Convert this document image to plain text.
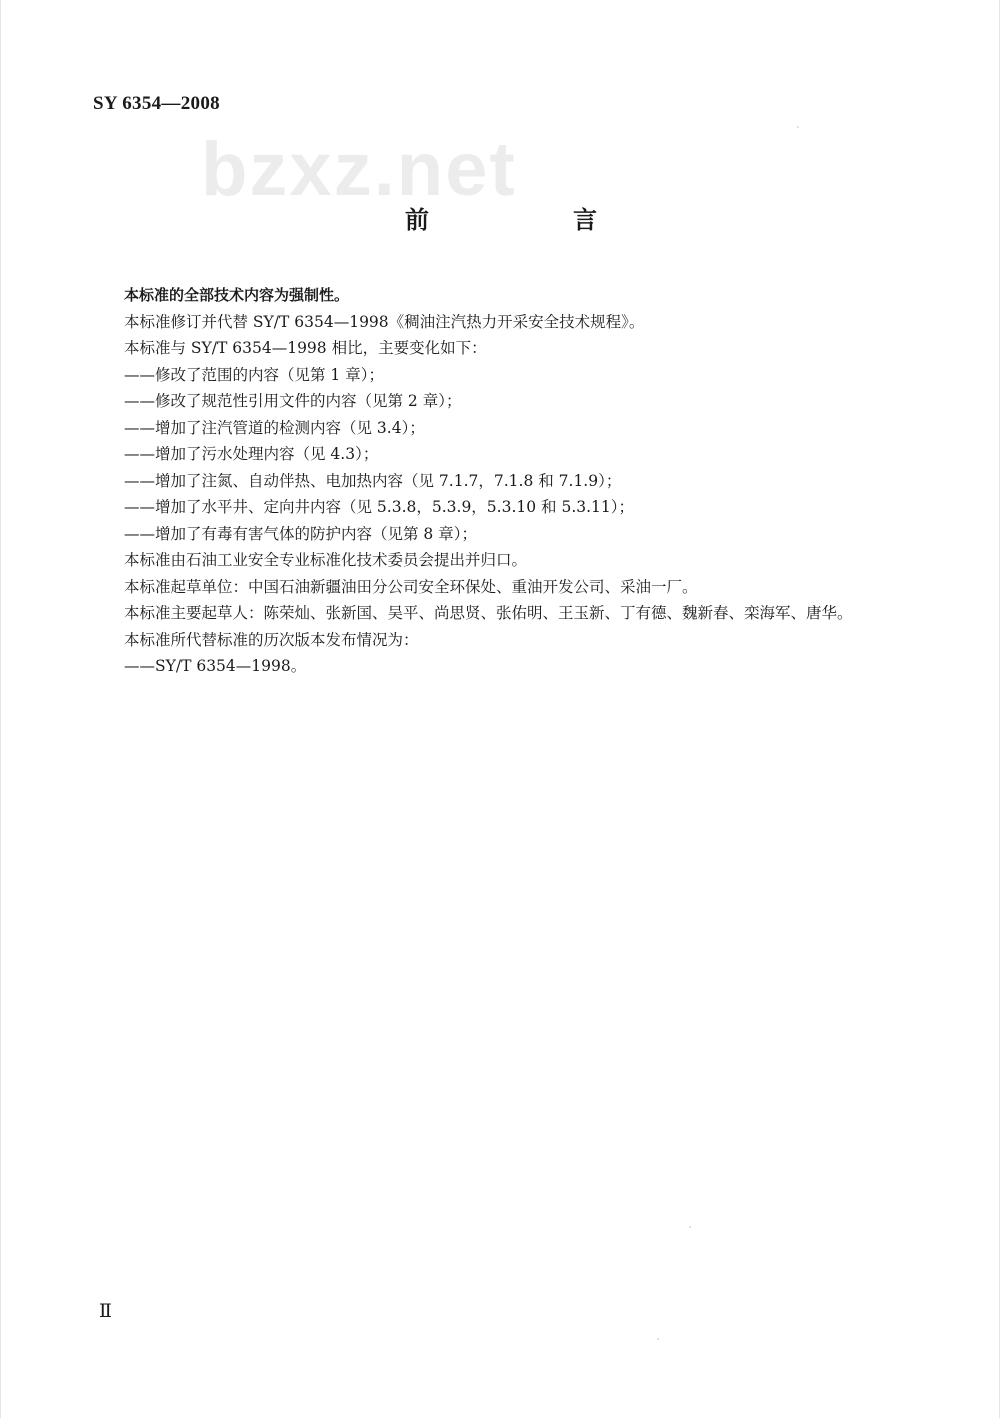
SY 6354—2008
bzxz.net
前　言

本标准的全部技术内容为强制性。

本标准修订并代替 SY/T 6354—1998《稠油注汽热力开采安全技术规程》。

本标准与 SY/T 6354—1998 相比，主要变化如下：

——修改了范围的内容（见第 1 章）；
——修改了规范性引用文件的内容（见第 2 章）；
——增加了注汽管道的检测内容（见 3.4）；
——增加了污水处理内容（见 4.3）；
——增加了注氮、自动伴热、电加热内容（见 7.1.7，7.1.8 和 7.1.9）；
——增加了水平井、定向井内容（见 5.3.8，5.3.9，5.3.10 和 5.3.11）；
——增加了有毒有害气体的防护内容（见第 8 章）；

本标准由石油工业安全专业标准化技术委员会提出并归口。

本标准起草单位：中国石油新疆油田分公司安全环保处、重油开发公司、采油一厂。

本标准主要起草人：陈荣灿、张新国、吴平、尚思贤、张佑明、王玉新、丁有德、魏新春、栾海军、唐华。

本标准所代替标准的历次版本发布情况为：

——SY/T 6354—1998。
Ⅱ
